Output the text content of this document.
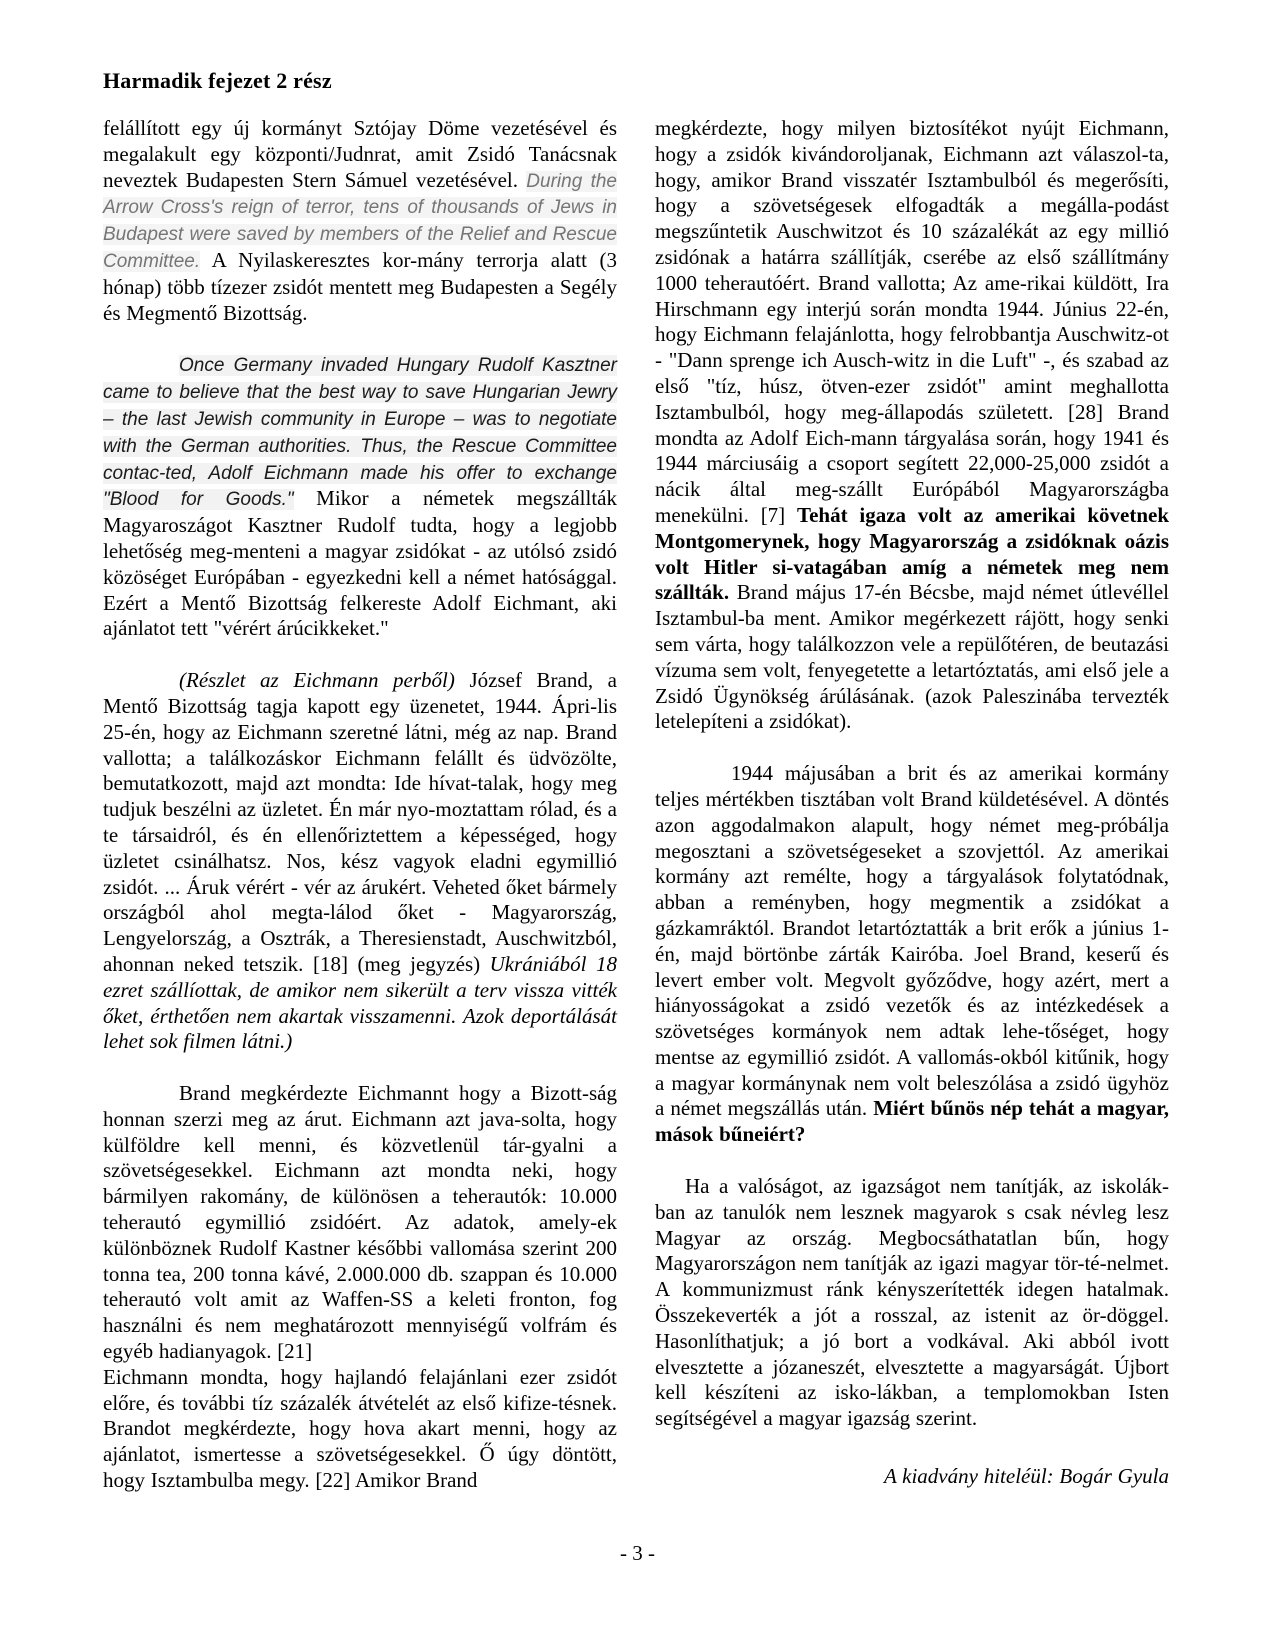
Harmadik fejezet 2 rész

felállított egy új kormányt Sztójay Döme vezetésével és megalakult egy központi/Judnrat, amit Zsidó Tanácsnak neveztek Budapesten Stern Sámuel vezetésével. During the Arrow Cross's reign of terror, tens of thousands of Jews in Budapest were saved by members of the Relief and Rescue Committee. A Nyilaskeresztes kor-mány terrorja alatt (3 hónap) több tízezer zsidót mentett meg Budapesten a Segély és Megmentő Bizottság.

Once Germany invaded Hungary Rudolf Kasztner came to believe that the best way to save Hungarian Jewry – the last Jewish community in Europe – was to negotiate with the German authorities. Thus, the Rescue Committee contac-ted, Adolf Eichmann made his offer to exchange "Blood for Goods." Mikor a németek megszállták Magyaroszágot Kasztner Rudolf tudta, hogy a legjobb lehetőség meg-menteni a magyar zsidókat - az utólsó zsidó közöséget Európában - egyezkedni kell a német hatósággal. Ezért a Mentő Bizottság felkereste Adolf Eichmant, aki ajánlatot tett "vérért árúcikkeket."

(Részlet az Eichmann perből) József Brand, a Mentő Bizottság tagja kapott egy üzenetet, 1944. Ápri-lis 25-én, hogy az Eichmann szeretné látni, még az nap. Brand vallotta; a találkozáskor Eichmann felállt és üdvözölte, bemutatkozott, majd azt mondta: Ide hívat-talak, hogy meg tudjuk beszélni az üzletet. Én már nyo-moztattam rólad, és a te társaidról, és én ellenőriztettem a képességed, hogy üzletet csinálhatsz. Nos, kész vagyok eladni egymillió zsidót. ... Áruk vérért - vér az árukért. Veheted őket bármely országból ahol megta-lálod őket - Magyarország, Lengyelország, a Osztrák, a Theresienstadt, Auschwitzból, ahonnan neked tetszik. [18] (meg jegyzés) Ukrániából 18 ezret szállíottak, de amikor nem sikerült a terv vissza vitték őket, érthetően nem akartak visszamenni. Azok deportálását lehet sok filmen látni.)

Brand megkérdezte Eichmannt hogy a Bizott-ság honnan szerzi meg az árut. Eichmann azt java-solta, hogy külföldre kell menni, és közvetlenül tár-gyalni a szövetségesekkel. Eichmann azt mondta neki, hogy bármilyen rakomány, de különösen a teherautók: 10.000 teherautó egymillió zsidóért. Az adatok, amely-ek különböznek Rudolf Kastner későbbi vallomása szerint 200 tonna tea, 200 tonna kávé, 2.000.000 db. szappan és 10.000 teherautó volt amit az Waffen-SS a keleti fronton, fog használni és nem meghatározott mennyiségű volfrám és egyéb hadianyagok. [21]
Eichmann mondta, hogy hajlandó felajánlani ezer zsidót előre, és további tíz százalék átvételét az első kifize-tésnek. Brandot megkérdezte, hogy hova akart menni, hogy az ajánlatot, ismertesse a szövetségesekkel. Ő úgy döntött, hogy Isztambulba megy. [22] Amikor Brand

megkérdezte, hogy milyen biztosítékot nyújt Eichmann, hogy a zsidók kivándoroljanak, Eichmann azt válaszol-ta, hogy, amikor Brand visszatér Isztambulból és megerősíti, hogy a szövetségesek elfogadták a megálla-podást megszűntetik Auschwitzot és 10 százalékát az egy millió zsidónak a határra szállítják, cserébe az első szállítmány 1000 teherautóért. Brand vallotta; Az ame-rikai küldött, Ira Hirschmann egy interjú során mondta 1944. Június 22-én, hogy Eichmann felajánlotta, hogy felrobbantja Auschwitz-ot - "Dann sprenge ich Ausch-witz in die Luft" -, és szabad az első "tíz, húsz, ötven-ezer zsidót" amint meghallotta Isztambulból, hogy meg-állapodás született. [28] Brand mondta az Adolf Eich-mann tárgyalása során, hogy 1941 és 1944 márciusáig a csoport segített 22,000-25,000 zsidót a nácik által meg-szállt Európából Magyarországba menekülni. [7] Tehát igaza volt az amerikai követnek Montgomerynek, hogy Magyarország a zsidóknak oázis volt Hitler si-vatagában amíg a németek meg nem szállták. Brand május 17-én Bécsbe, majd német útlevéllel Isztambul-ba ment. Amikor megérkezett rájött, hogy senki sem várta, hogy találkozzon vele a repülőtéren, de beutazási vízuma sem volt, fenyegetette a letartóztatás, ami első jele a Zsidó Ügynökség árúlásának. (azok Paleszinába tervezték letelepíteni a zsidókat).

1944 májusában a brit és az amerikai kormány teljes mértékben tisztában volt Brand küldetésével. A döntés azon aggodalmakon alapult, hogy német meg-próbálja megosztani a szövetségeseket a szovjettól. Az amerikai kormány azt remélte, hogy a tárgyalások folytatódnak, abban a reményben, hogy megmentik a zsidókat a gázkamráktól. Brandot letartóztatták a brit erők a június 1-én, majd börtönbe zárták Kairóba. Joel Brand, keserű és levert ember volt. Megvolt győződve, hogy azért, mert a hiányosságokat a zsidó vezetők és az intézkedések a szövetséges kormányok nem adtak lehe-tőséget, hogy mentse az egymillió zsidót. A vallomás-okból kitűnik, hogy a magyar kormánynak nem volt beleszólása a zsidó ügyhöz a német megszállás után. Miért bűnös nép tehát a magyar, mások bűneiért?

Ha a valóságot, az igazságot nem tanítják, az iskolák-ban az tanulók nem lesznek magyarok s csak névleg lesz Magyar az ország. Megbocsáthatatlan bűn, hogy Magyarországon nem tanítják az igazi magyar tör-té-nelmet. A kommunizmust ránk kényszerítették idegen hatalmak. Összekeverték a jót a rosszal, az istenit az ör-döggel. Hasonlíthatjuk; a jó bort a vodkával. Aki abból ivott elvesztette a józaneszét, elvesztette a magyarságát. Újbort kell készíteni az isko-lákban, a templomokban Isten segítségével a magyar igazság szerint.

A kiadvány hiteléül: Bogár Gyula

- 3 -
